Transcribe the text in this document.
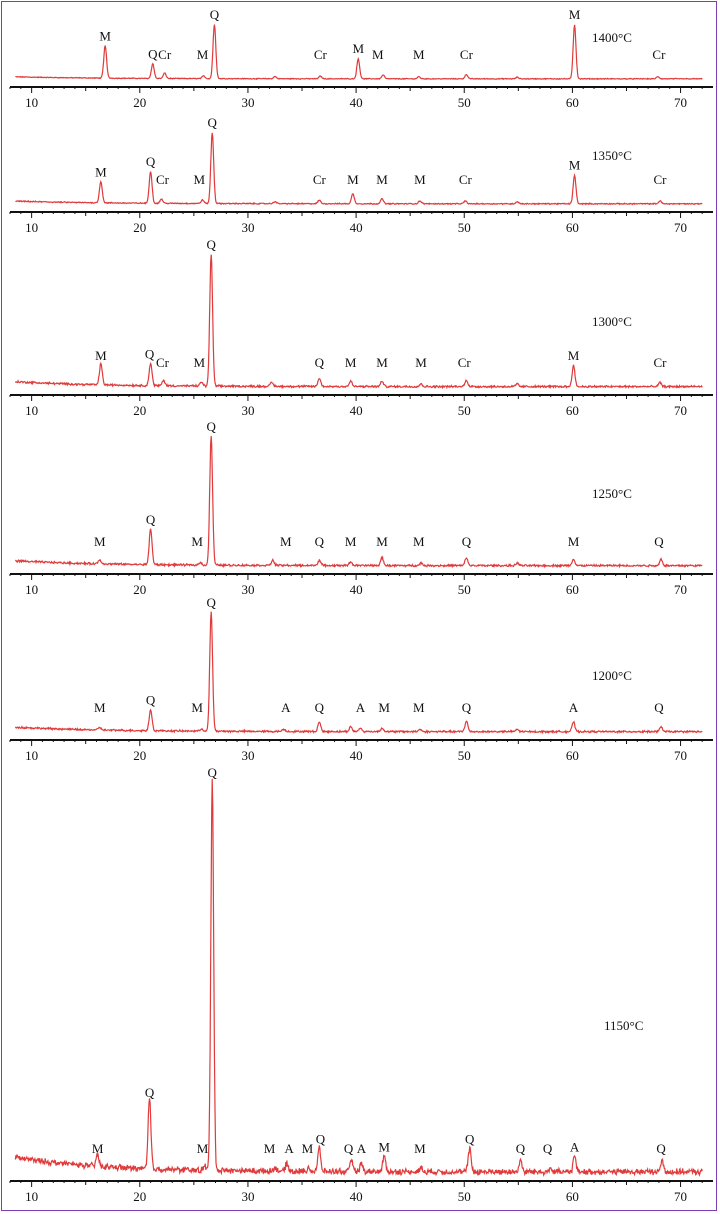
10	20	30	40	50	60	70
M
Q Cr M
Q
Cr M M M	Cr
M
Cr
1400°C
10	20	30	40	50	60	70
M
Q
Cr M
Q
Cr M M M	Cr
M
Cr
1350°C
10	20	30	40	50	60	70
M	Q
Cr M
Q
Q M M M Cr	M	Cr
1300°C
10	20	30	40	50	60	70
M
Q
M
Q
M Q M M M	Q	M	Q
1250°C
10	20	30	40	50	60	70
M	Q	M
Q
A Q A M M	Q	A	Q
1200°C
10	20	30	40	50	60	70
M
Q
M
Q
M A M
Q
Q A M M
Q
Q Q A	Q
1150°C
